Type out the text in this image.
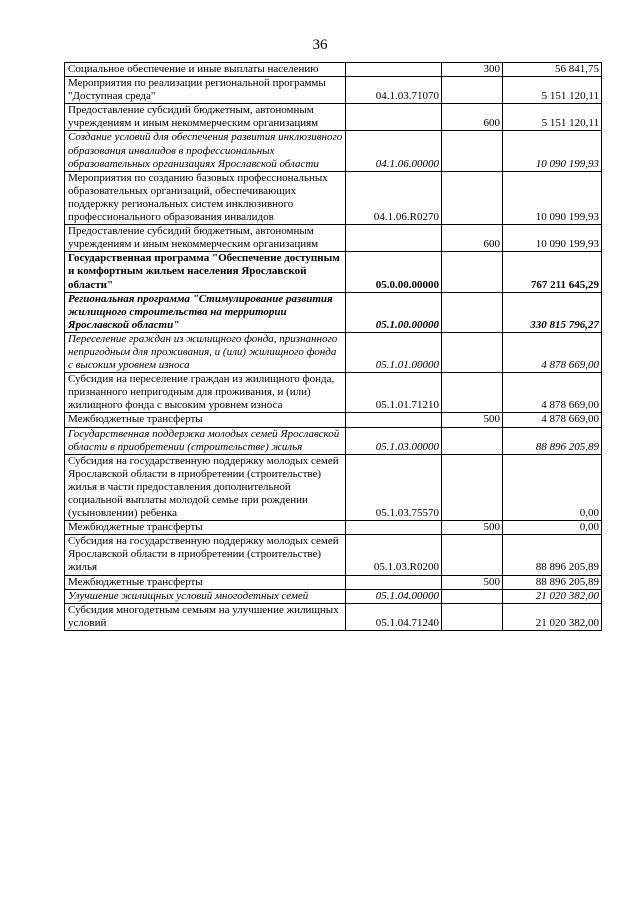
36
Социальное обеспечение и иные выплаты населению		300	56 841,75
Мероприятия по реализации региональной программы "Доступная среда"	04.1.03.71070		5 151 120,11
Предоставление субсидий бюджетным, автономным учреждениям и иным некоммерческим организациям		600	5 151 120,11
Создание условий для обеспечения развития инклюзивного образования инвалидов в профессиональных образовательных организациях Ярославской области	04.1.06.00000		10 090 199,93
Мероприятия по созданию базовых профессиональных образовательных организаций, обеспечивающих поддержку региональных систем инклюзивного профессионального образования инвалидов	04.1.06.R0270		10 090 199,93
Предоставление субсидий бюджетным, автономным учреждениям и иным некоммерческим организациям		600	10 090 199,93
Государственная программа "Обеспечение доступным и комфортным жильем населения Ярославской области"	05.0.00.00000		767 211 645,29
Региональная программа "Стимулирование развития жилищного строительства на территории Ярославской области"	05.1.00.00000		330 815 796,27
Переселение граждан из жилищного фонда, признанного непригодным для проживания, и (или) жилищного фонда с высоким уровнем износа	05.1.01.00000		4 878 669,00
Субсидия на переселение граждан из жилищного фонда, признанного непригодным для проживания, и (или) жилищного фонда с высоким уровнем износа	05.1.01.71210		4 878 669,00
Межбюджетные трансферты		500	4 878 669,00
Государственная поддержка молодых семей Ярославской области в приобретении (строительстве) жилья	05.1.03.00000		88 896 205,89
Субсидия на государственную поддержку молодых семей Ярославской области в приобретении (строительстве) жилья в части предоставления дополнительной социальной выплаты молодой семье при рождении (усыновлении) ребенка	05.1.03.75570		0,00
Межбюджетные трансферты		500	0,00
Субсидия на государственную поддержку молодых семей Ярославской области в приобретении (строительстве) жилья	05.1.03.R0200		88 896 205,89
Межбюджетные трансферты		500	88 896 205,89
Улучшение жилищных условий многодетных семей	05.1.04.00000		21 020 382,00
Субсидия многодетным семьям на улучшение жилищных условий	05.1.04.71240		21 020 382,00
